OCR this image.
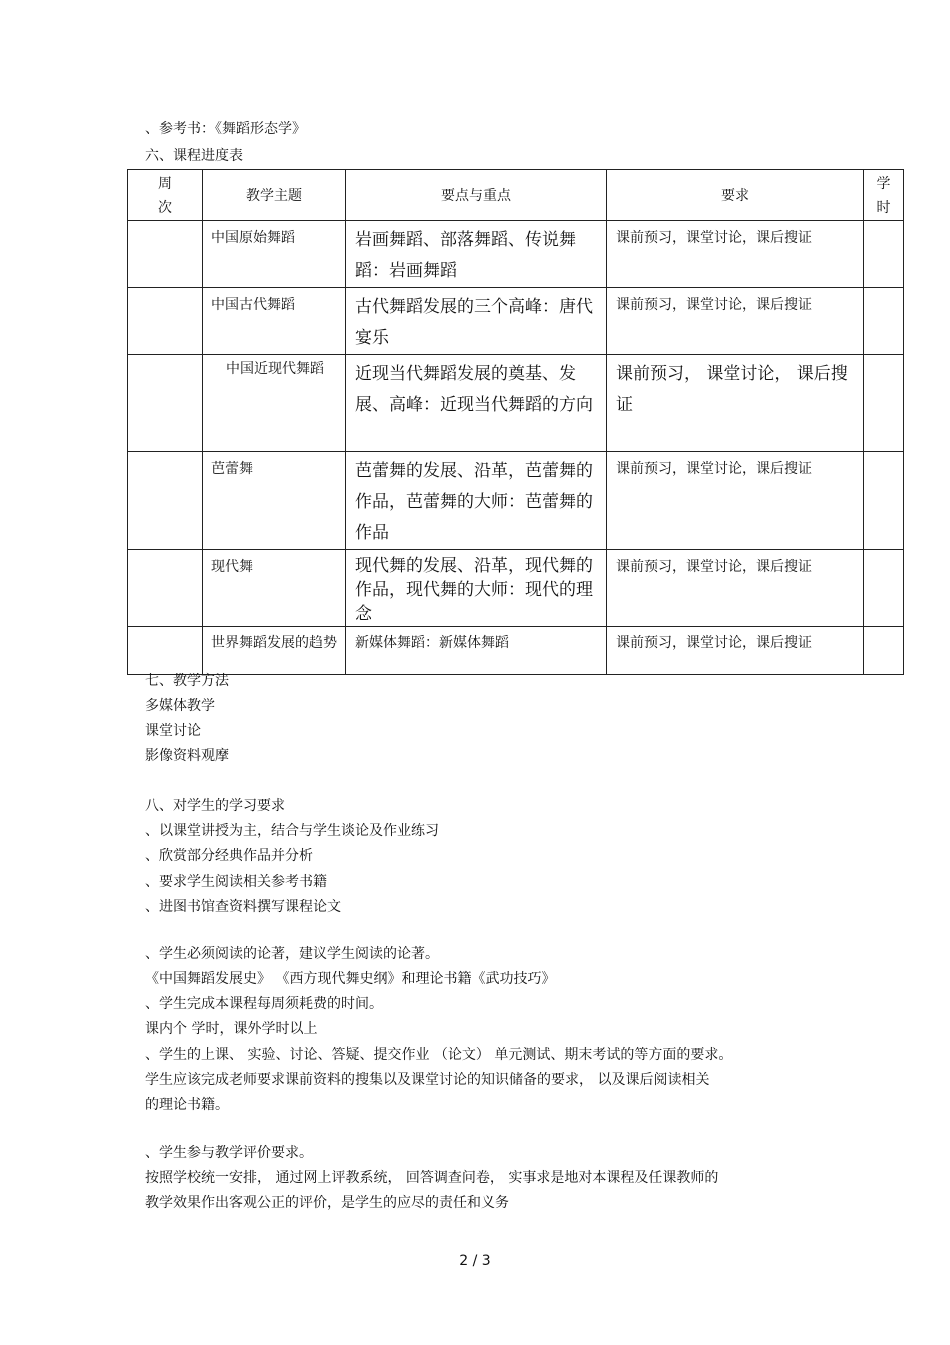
、参考书：《舞蹈形态学》
六、课程进度表
周次	教学主题	要点与重点	要求	学时

	中国原始舞蹈	岩画舞蹈、部落舞蹈、传说舞蹈：岩画舞蹈	课前预习，课堂讨论，课后搜证	
	中国古代舞蹈	古代舞蹈发展的三个高峰：唐代宴乐	课前预习，课堂讨论，课后搜证	
	中国近现代舞蹈	近现当代舞蹈发展的奠基、发展、高峰：近现当代舞蹈的方向	课前预习， 课堂讨论， 课后搜证	
	芭蕾舞	芭蕾舞的发展、沿革，芭蕾舞的作品，芭蕾舞的大师：芭蕾舞的作品	课前预习，课堂讨论，课后搜证	
	现代舞	现代舞的发展、沿革，现代舞的作品，现代舞的大师：现代的理念	课前预习，课堂讨论，课后搜证	
	世界舞蹈发展的趋势	新媒体舞蹈：新媒体舞蹈	课前预习，课堂讨论，课后搜证	
七、教学方法
多媒体教学
课堂讨论
影像资料观摩
八、对学生的学习要求
、以课堂讲授为主，结合与学生谈论及作业练习
、欣赏部分经典作品并分析
、要求学生阅读相关参考书籍
、进图书馆查资料撰写课程论文
、学生必须阅读的论著，建议学生阅读的论著。
《中国舞蹈发展史》 《西方现代舞史纲》和理论书籍《武功技巧》
、学生完成本课程每周须耗费的时间。
课内个 学时，课外学时以上
、学生的上课、 实验、讨论、答疑、提交作业 （论文） 单元测试、期末考试的等方面的要求。
学生应该完成老师要求课前资料的搜集以及课堂讨论的知识储备的要求， 以及课后阅读相关
的理论书籍。
、学生参与教学评价要求。
按照学校统一安排， 通过网上评教系统， 回答调查问卷， 实事求是地对本课程及任课教师的
教学效果作出客观公正的评价，是学生的应尽的责任和义务
2 / 3
